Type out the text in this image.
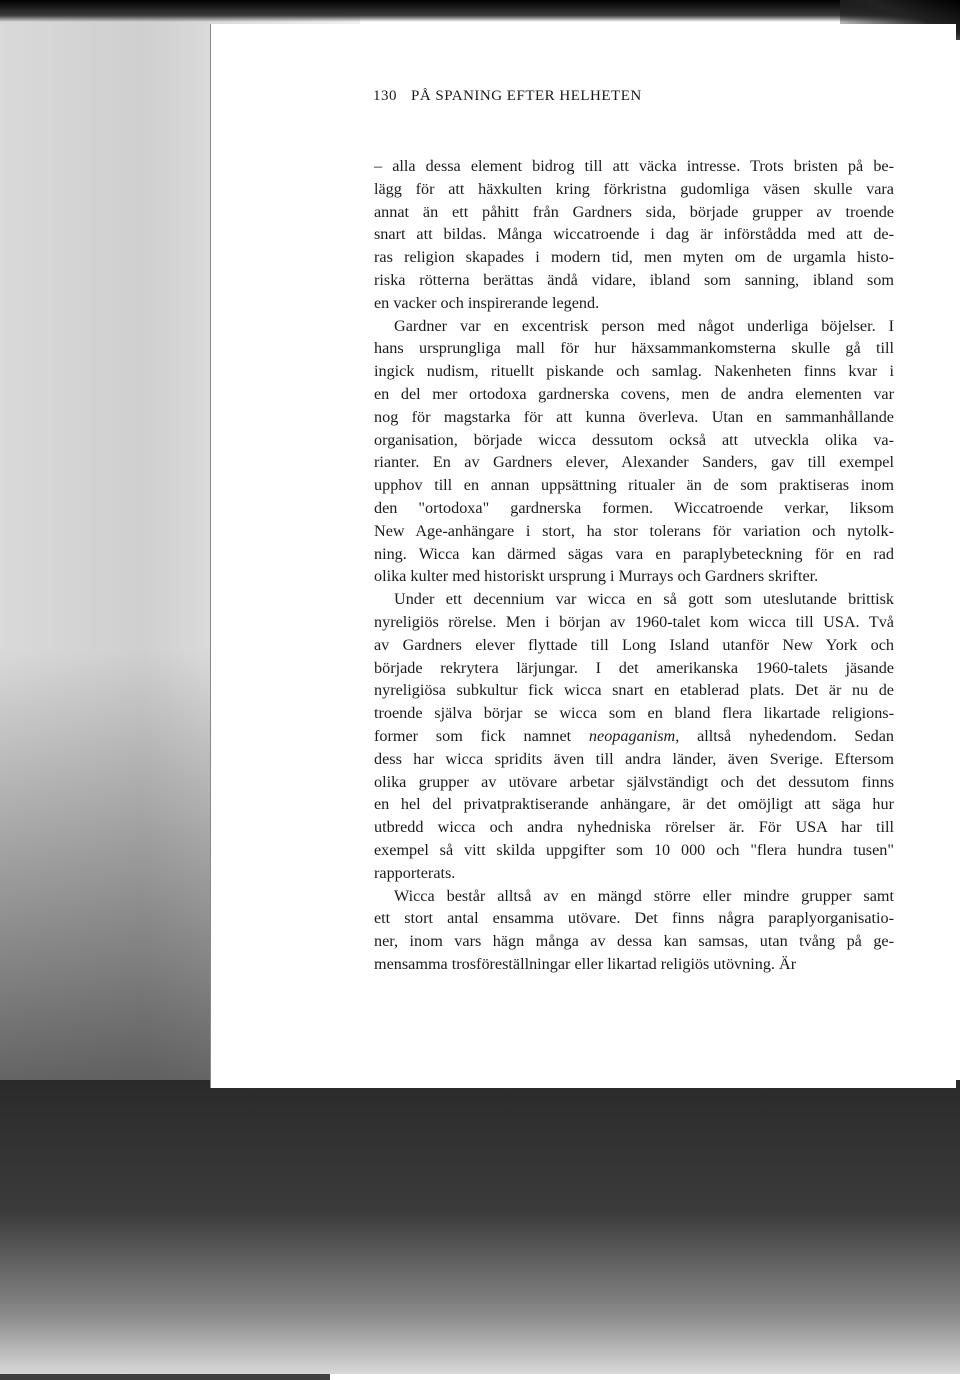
130 PÅ SPANING EFTER HELHETEN
– alla dessa element bidrog till att väcka intresse. Trots bristen på be-
lägg för att häxkulten kring förkristna gudomliga väsen skulle vara
annat än ett påhitt från Gardners sida, började grupper av troende
snart att bildas. Många wiccatroende i dag är införstådda med att de-
ras religion skapades i modern tid, men myten om de urgamla histo-
riska rötterna berättas ändå vidare, ibland som sanning, ibland som
en vacker och inspirerande legend.
Gardner var en excentrisk person med något underliga böjelser. I
hans ursprungliga mall för hur häxsammankomsterna skulle gå till
ingick nudism, rituellt piskande och samlag. Nakenheten finns kvar i
en del mer ortodoxa gardnerska covens, men de andra elementen var
nog för magstarka för att kunna överleva. Utan en sammanhållande
organisation, började wicca dessutom också att utveckla olika va-
rianter. En av Gardners elever, Alexander Sanders, gav till exempel
upphov till en annan uppsättning ritualer än de som praktiseras inom
den "ortodoxa" gardnerska formen. Wiccatroende verkar, liksom
New Age-anhängare i stort, ha stor tolerans för variation och nytolk-
ning. Wicca kan därmed sägas vara en paraplybeteckning för en rad
olika kulter med historiskt ursprung i Murrays och Gardners skrifter.
Under ett decennium var wicca en så gott som uteslutande brittisk
nyreligiös rörelse. Men i början av 1960-talet kom wicca till USA. Två
av Gardners elever flyttade till Long Island utanför New York och
började rekrytera lärjungar. I det amerikanska 1960-talets jäsande
nyreligiösa subkultur fick wicca snart en etablerad plats. Det är nu de
troende själva börjar se wicca som en bland flera likartade religions-
former som fick namnet neopaganism, alltså nyhedendom. Sedan
dess har wicca spridits även till andra länder, även Sverige. Eftersom
olika grupper av utövare arbetar självständigt och det dessutom finns
en hel del privatpraktiserande anhängare, är det omöjligt att säga hur
utbredd wicca och andra nyhedniska rörelser är. För USA har till
exempel så vitt skilda uppgifter som 10 000 och "flera hundra tusen"
rapporterats.
Wicca består alltså av en mängd större eller mindre grupper samt
ett stort antal ensamma utövare. Det finns några paraplyorganisatio-
ner, inom vars hägn många av dessa kan samsas, utan tvång på ge-
mensamma trosföreställningar eller likartad religiös utövning. Är
